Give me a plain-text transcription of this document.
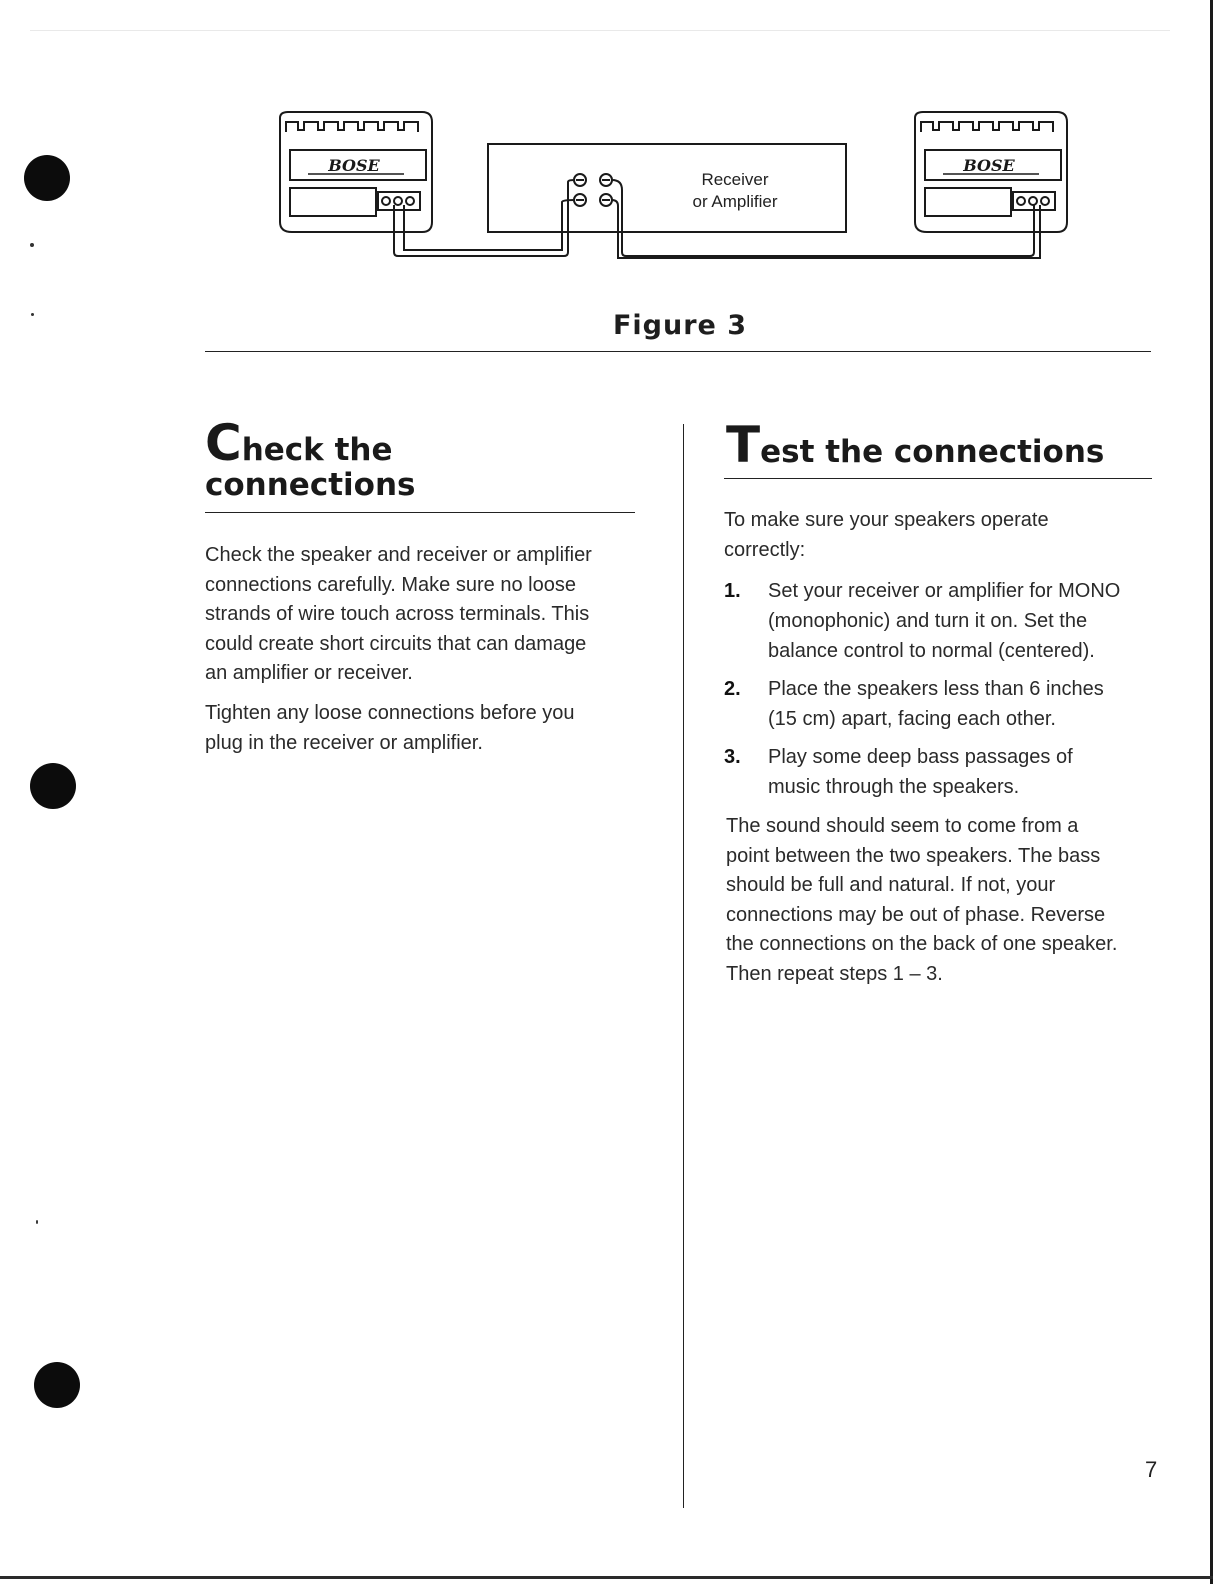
BOSE	BOSE
Receiver
or Amplifier
Figure 3
Check the
connections

Check the speaker and receiver or amplifier
connections carefully. Make sure no loose
strands of wire touch across terminals. This
could create short circuits that can damage
an amplifier or receiver.

Tighten any loose connections before you
plug in the receiver or amplifier.

Test the connections

To make sure your speakers operate
correctly:

1. Set your receiver or amplifier for MONO
(monophonic) and turn it on. Set the
balance control to normal (centered).
2. Place the speakers less than 6 inches
(15 cm) apart, facing each other.
3. Play some deep bass passages of
music through the speakers.

The sound should seem to come from a
point between the two speakers. The bass
should be full and natural. If not, your
connections may be out of phase. Reverse
the connections on the back of one speaker.
Then repeat steps 1 – 3.

7
